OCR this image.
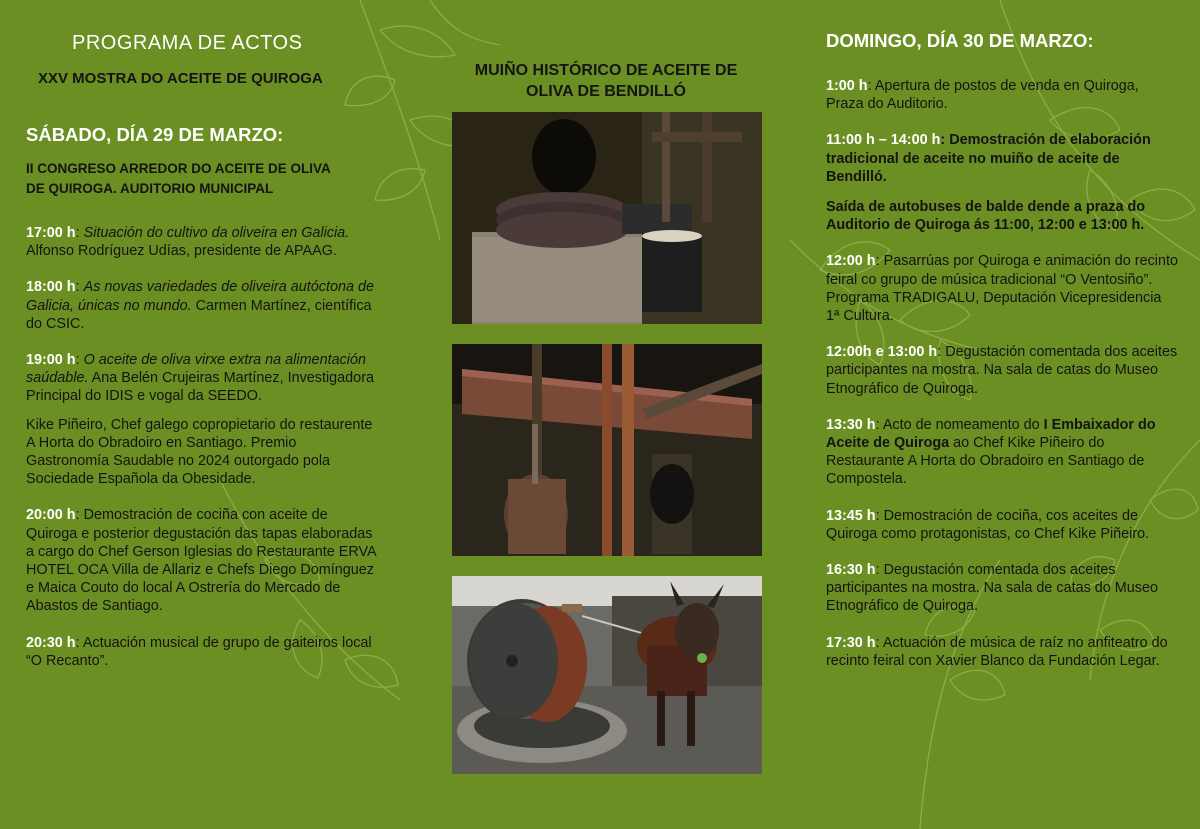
PROGRAMA DE ACTOS
XXV MOSTRA DO ACEITE DE QUIROGA
SÁBADO, DÍA 29 DE MARZO:
II CONGRESO ARREDOR DO ACEITE DE OLIVA
DE QUIROGA. AUDITORIO MUNICIPAL

17:00 h: Situación do cultivo da oliveira en Galicia. Alfonso Rodríguez Udías, presidente de APAAG.

18:00 h: As novas variedades de oliveira autóctona de Galicia, únicas no mundo. Carmen Martínez, científica do CSIC.

19:00 h: O aceite de oliva virxe extra na alimentación saúdable. Ana Belén Crujeiras Martínez, Investigadora Principal do IDIS e vogal da SEEDO.

Kike Piñeiro, Chef galego copropietario do restaurente A Horta do Obradoiro en Santiago. Premio Gastronomía Saudable no 2024 outorgado pola Sociedade Española da Obesidade.

20:00 h: Demostración de cociña con aceite de Quiroga e posterior degustación das tapas elaboradas a cargo do Chef Gerson Iglesias do Restaurante ERVA HOTEL OCA Villa de Allariz e Chefs Diego Domínguez e Maica Couto do local A Ostrería do Mercado de Abastos de Santiago.

20:30 h: Actuación musical de grupo de gaiteiros local “O Recanto”.

MUIÑO HISTÓRICO DE ACEITE DE
OLIVA DE BENDILLÓ
DOMINGO, DÍA 30 DE MARZO:

1:00 h: Apertura de postos de venda en Quiroga, Praza do Auditorio.

11:00 h – 14:00 h: Demostración de elaboración tradicional de aceite no muiño de aceite de Bendilló.

Saída de autobuses de balde dende a praza do Auditorio de Quiroga ás 11:00, 12:00 e 13:00 h.

12:00 h: Pasarrúas por Quiroga e animación do recinto feiral co grupo de música tradicional “O Ventosiño”. Programa TRADIGALU, Deputación Vicepresidencia 1ª Cultura.

12:00h e 13:00 h: Degustación comentada dos aceites participantes na mostra. Na sala de catas do Museo Etnográfico de Quiroga.

13:30 h: Acto de nomeamento do I Embaixador do Aceite de Quiroga ao Chef Kike Piñeiro do Restaurante A Horta do Obradoiro en Santiago de Compostela.

13:45 h: Demostración de cociña, cos aceites de Quiroga como protagonistas, co Chef Kike Piñeiro.

16:30 h: Degustación comentada dos aceites participantes na mostra. Na sala de catas do Museo Etnográfico de Quiroga.

17:30 h: Actuación de música de raíz no anfiteatro do recinto feiral con Xavier Blanco da Fundación Legar.
